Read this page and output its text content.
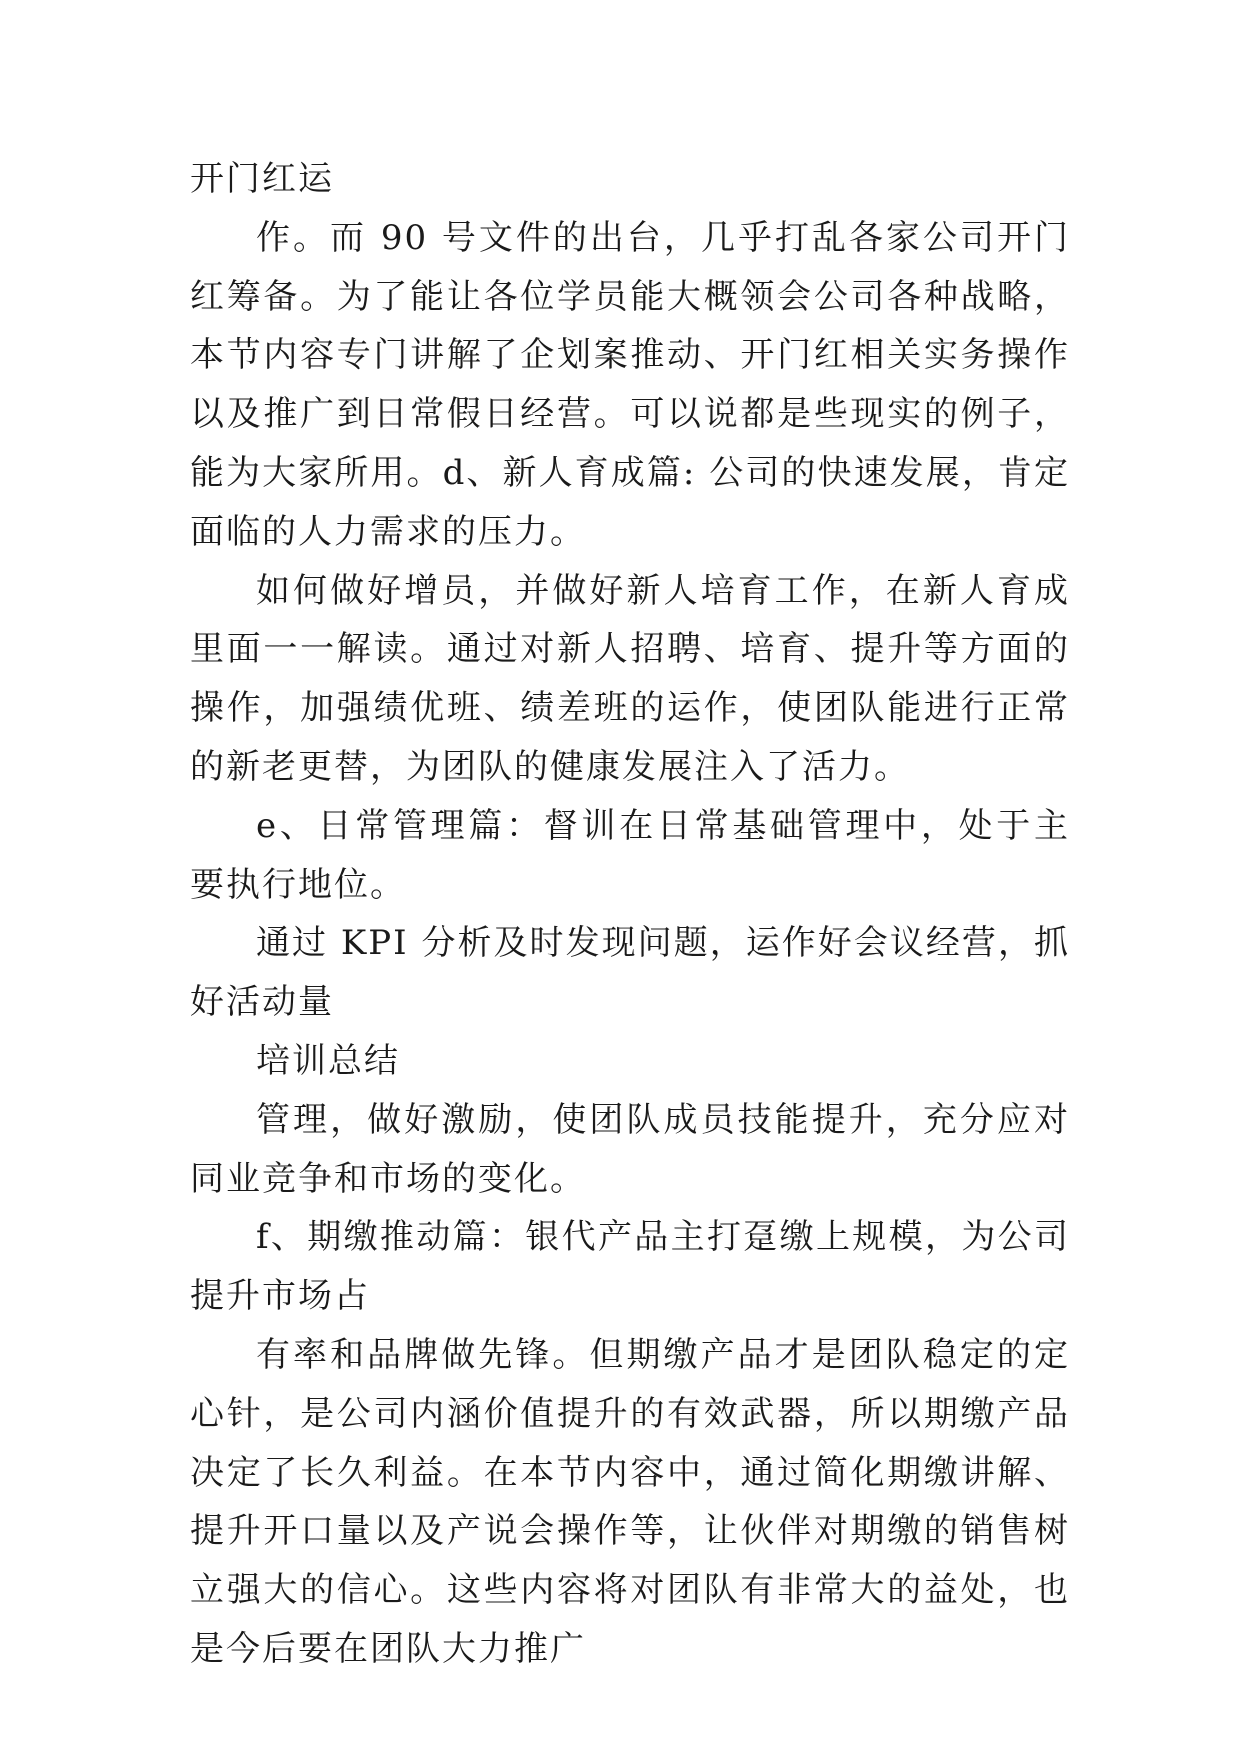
开门红运

作。而 90 号文件的出台，几乎打乱各家公司开门红筹备。为了能让各位学员能大概领会公司各种战略，本节内容专门讲解了企划案推动、开门红相关实务操作以及推广到日常假日经营。可以说都是些现实的例子，能为大家所用。d、新人育成篇: 公司的快速发展，肯定面临的人力需求的压力。

如何做好增员，并做好新人培育工作，在新人育成里面一一解读。通过对新人招聘、培育、提升等方面的操作，加强绩优班、绩差班的运作，使团队能进行正常的新老更替，为团队的健康发展注入了活力。

e、日常管理篇：督训在日常基础管理中，处于主要执行地位。

通过 KPI 分析及时发现问题，运作好会议经营，抓好活动量

培训总结

管理，做好激励，使团队成员技能提升，充分应对同业竞争和市场的变化。

f、期缴推动篇：银代产品主打趸缴上规模，为公司提升市场占

有率和品牌做先锋。但期缴产品才是团队稳定的定心针，是公司内涵价值提升的有效武器，所以期缴产品决定了长久利益。在本节内容中，通过简化期缴讲解、提升开口量以及产说会操作等，让伙伴对期缴的销售树立强大的信心。这些内容将对团队有非常大的益处，也是今后要在团队大力推广
